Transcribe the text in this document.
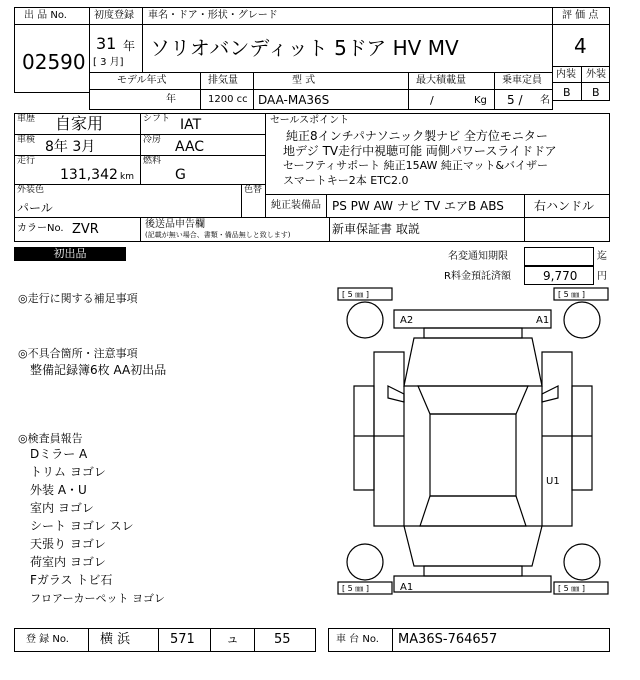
出 品 No.
02590
初度登録
31 年
[ 3 月]
車名・ドア・形状・グレード
ソリオバンディット 5ドア HV MV
評 価 点
4
内装 外装
B B
モデル年式
年
排気量
1200 cc
型 式
DAA-MA36S
最大積載量
/	Kg
乗車定員
5 / 名
車歴 自家用	シフト IAT
車検 8年 3月	冷房 AAC
走行
131,342 km
燃料
G
外装色
パール
色替
カラーNo. ZVR	後送品申告欄
(記載が無い場合、書類・備品無しと致します)
セールスポイント
純正8インチパナソニック製ナビ 全方位モニター
地デジ TV走行中視聴可能 両側パワースライドドア
セーフティサポート 純正15AW 純正マット&バイザー
スマートキー2本 ETC2.0
純正装備品 PS PW AW ナビ TV エアB ABS	右ハンドル
新車保証書 取説
初出品	名変通知期限	迄
R料金預託済額	9,770 円
◎走行に関する補足事項
◎不具合箇所・注意事項
整備記録簿6枚 AA初出品
◎検査員報告
Dミラー A
トリム ヨゴレ
外装 A・U
室内 ヨゴレ
シート ヨゴレ スレ
天張り ヨゴレ
荷室内 ヨゴレ
Fガラス トビ石
フロアーカーペット ヨゴレ
[ 5 ㎜ ]	[ 5 ㎜ ]
[ 5 ㎜ ]	[ 5 ㎜ ]
A2	A1
U1
A1
登 録 No. 横 浜	571 ュ	55	車 台 No. MA36S-764657
